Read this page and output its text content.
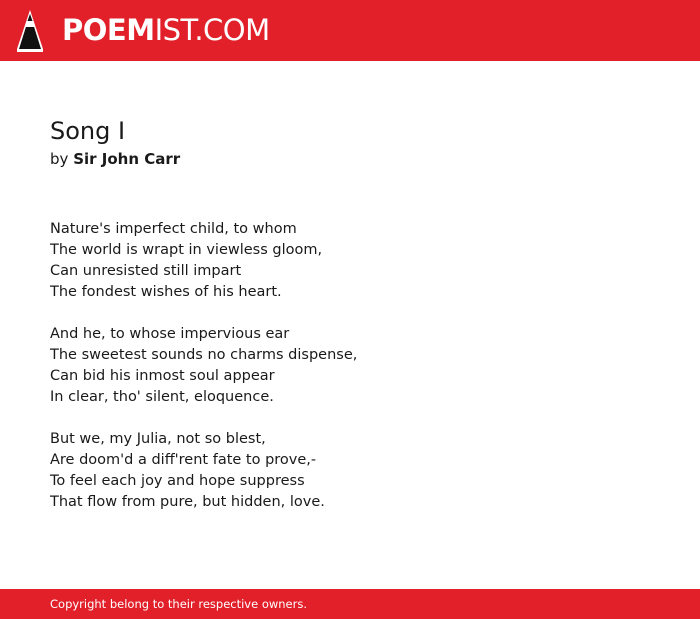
POEMIST.COM
Song I
by Sir John Carr

Nature's imperfect child, to whom
The world is wrapt in viewless gloom,
Can unresisted still impart
The fondest wishes of his heart.

And he, to whose impervious ear
The sweetest sounds no charms dispense,
Can bid his inmost soul appear
In clear, tho' silent, eloquence.

But we, my Julia, not so blest,
Are doom'd a diff'rent fate to prove,-
To feel each joy and hope suppress
That flow from pure, but hidden, love.

Copyright belong to their respective owners.
